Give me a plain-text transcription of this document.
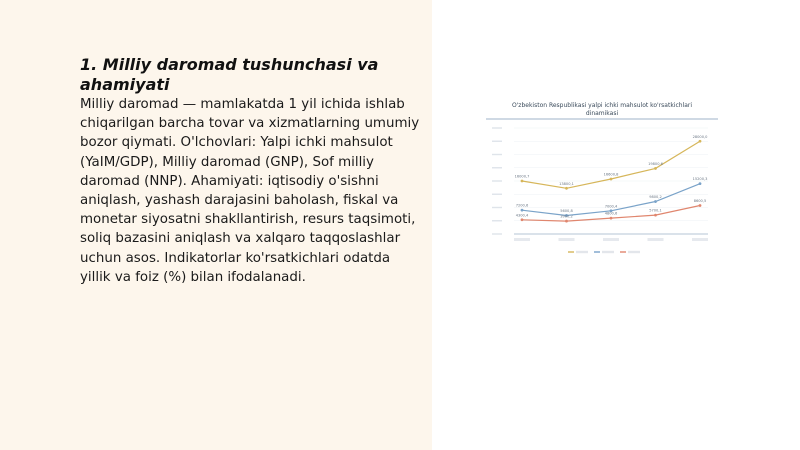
1. Milliy daromad tushunchasi va ahamiyati

Milliy daromad — mamlakatda 1 yil ichida ishlab chiqarilgan barcha tovar va xizmatlarning umumiy bozor qiymati. O'lchovlari: Yalpi ichki mahsulot (YaIM/GDP), Milliy daromad (GNP), Sof milliy daromad (NNP). Ahamiyati: iqtisodiy o'sishni aniqlash, yashash darajasini baholash, fiskal va monetar siyosatni shakllantirish, resurs taqsimoti, soliq bazasini aniqlash va xalqaro taqqoslashlar uchun asos. Indikatorlar ko'rsatkichlari odatda yillik va foiz (%) bilan ifodalanadi.

O'zbekiston Respublikasi yalpi ichki mahsulot ko'rsatkichlari dinamikasi
16000,7
13800,1
16600,8
19800,6
28000,0
7200,6
5600,8
7000,4
9800,2
15200,3
4300,4	3900,2
4800,6
5700,1
8600,5
